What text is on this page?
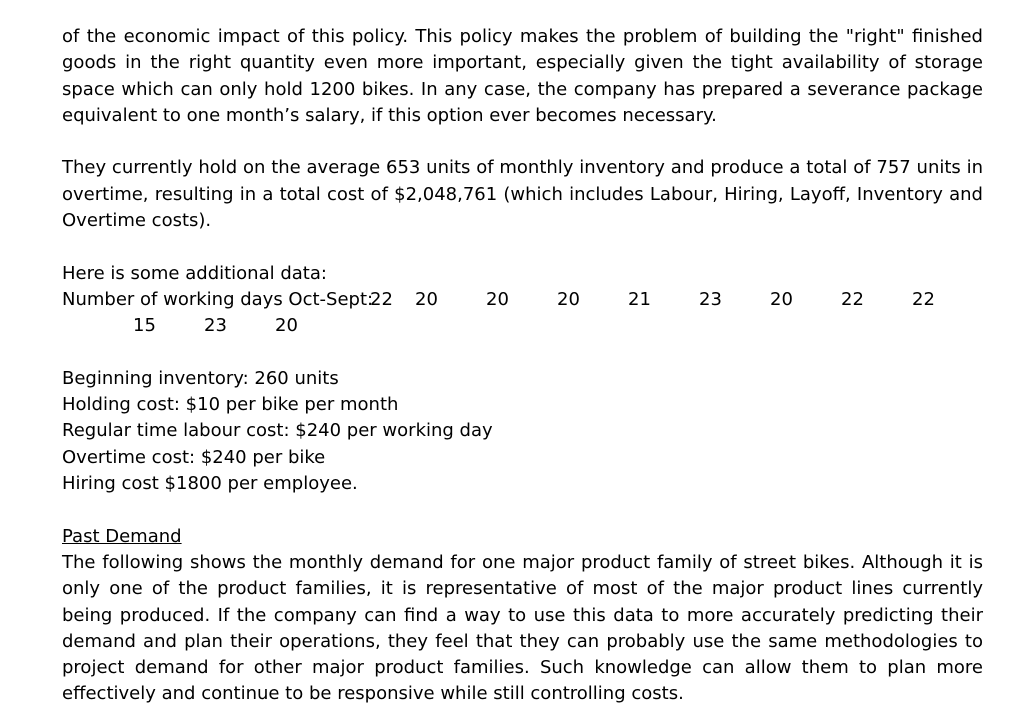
of the economic impact of this policy. This policy makes the problem of building the "right" finished goods in the right quantity even more important, especially given the tight availability of storage space which can only hold 1200 bikes. In any case, the company has prepared a severance package equivalent to one month’s salary, if this option ever becomes necessary.

They currently hold on the average 653 units of monthly inventory and produce a total of 757 units in overtime, resulting in a total cost of $2,048,761 (which includes Labour, Hiring, Layoff, Inventory and Overtime costs).

Here is some additional data:

Number of working days Oct-Sept:
22 20	20	20	21	23	20	22	22
15	23	20

Beginning inventory: 260 units

Holding cost: $10 per bike per month

Regular time labour cost: $240 per working day

Overtime cost: $240 per bike

Hiring cost $1800 per employee.

Past Demand

The following shows the monthly demand for one major product family of street bikes. Although it is only one of the product families, it is representative of most of the major product lines currently being produced. If the company can find a way to use this data to more accurately predicting their demand and plan their operations, they feel that they can probably use the same methodologies to project demand for other major product families. Such knowledge can allow them to plan more effectively and continue to be responsive while still controlling costs.
